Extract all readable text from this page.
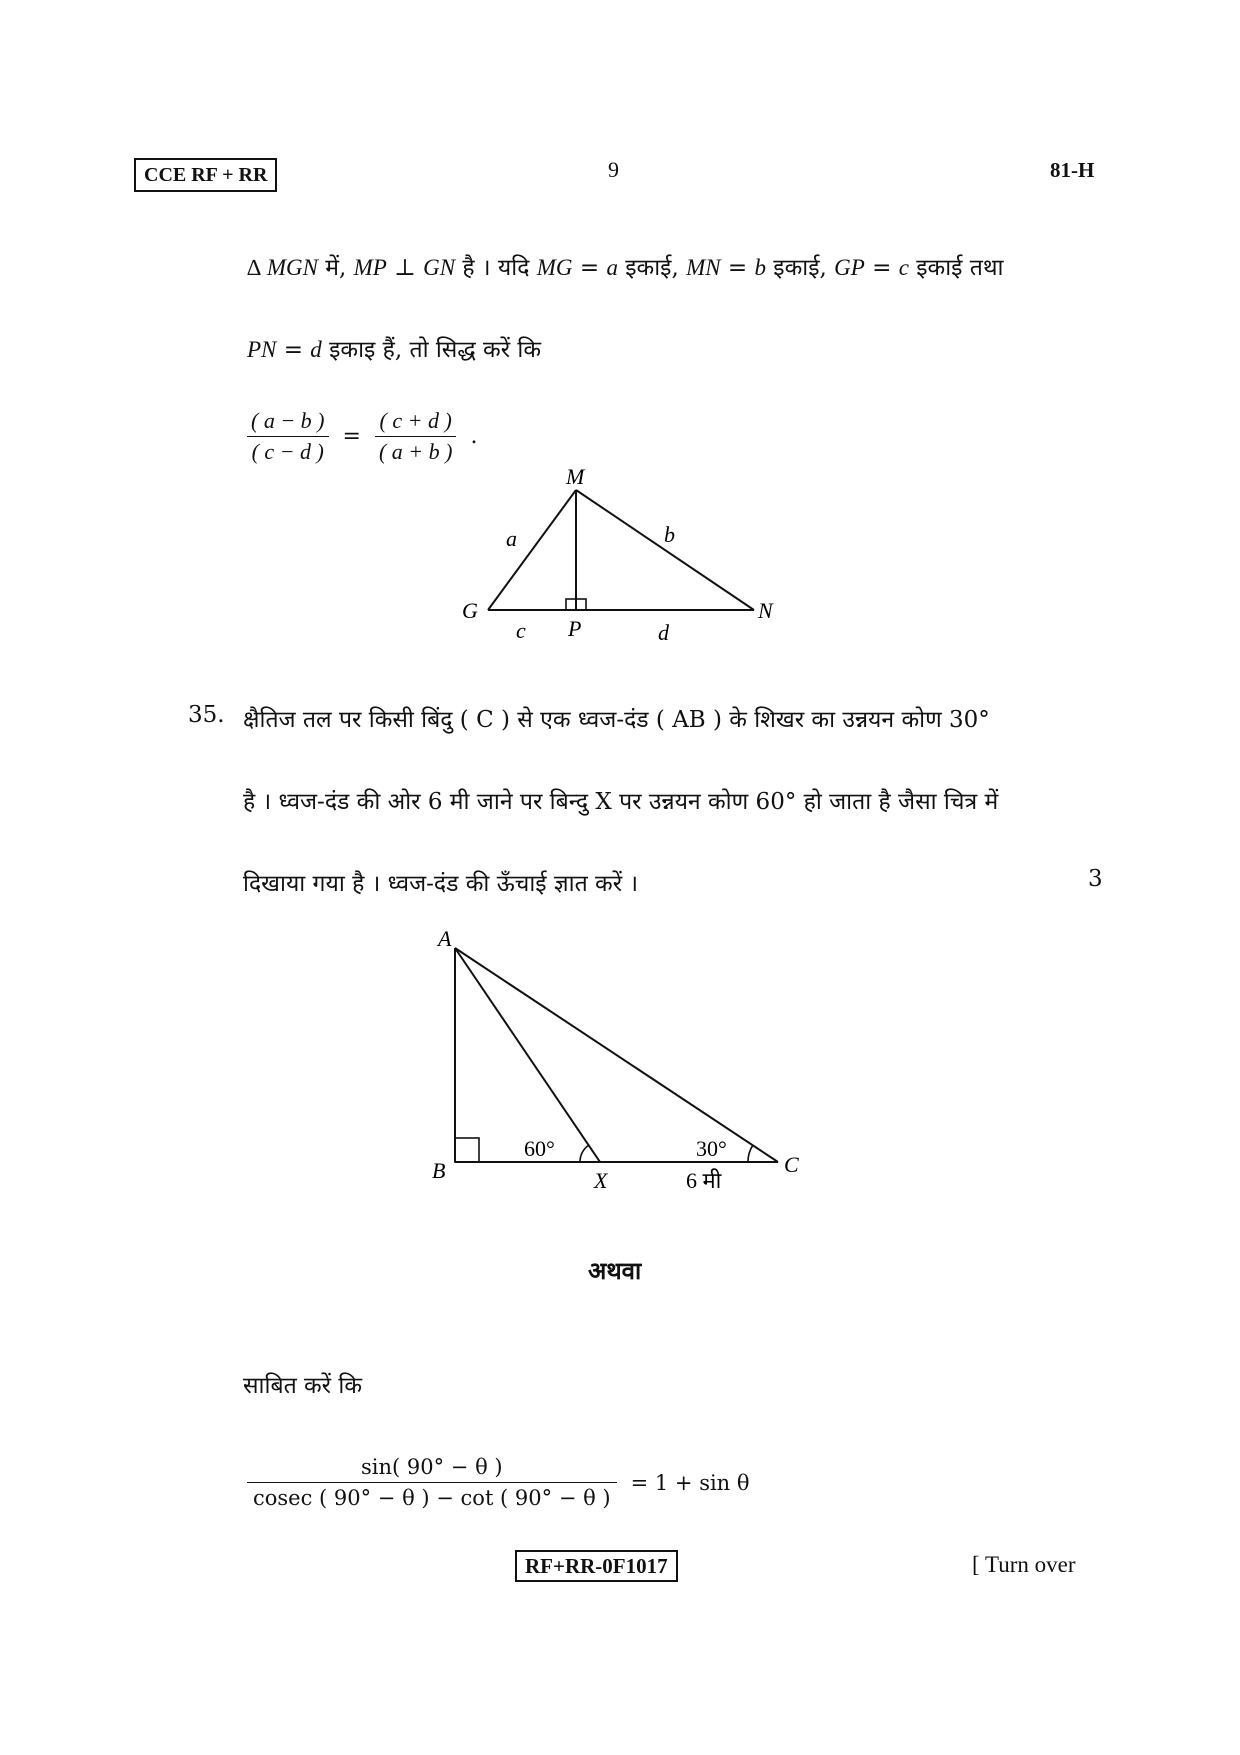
CCE RF + RR	9	81-H
∆ MGN में, MP ⊥ GN है । यदि MG = a इकाई, MN = b इकाई, GP = c इकाई तथा
PN = d इकाइ हैं, तो सिद्ध करें कि
$\frac{( a - b )}{( c - d )} = \frac{( c + d )}{( a + b )}$ .
M
G	N
P
a	b
c	d
35. क्षैतिज तल पर किसी बिंदु ( C ) से एक ध्वज-दंड ( AB ) के शिखर का उन्नयन कोण 30°
है । ध्वज-दंड की ओर 6 मी जाने पर बिन्दु X पर उन्नयन कोण 60° हो जाता है जैसा चित्र में
दिखाया गया है । ध्वज-दंड की ऊँचाई ज्ञात करें ।	3
A
B	X
C
60°	30°
6 मी
अथवा
साबित करें कि
$\frac{\sin( 90^\circ - \theta )}{cosec ( 90^\circ - \theta ) - \cot ( 90^\circ - \theta )} = 1 + \sin \theta$
RF+RR-0F1017	[ Turn over
